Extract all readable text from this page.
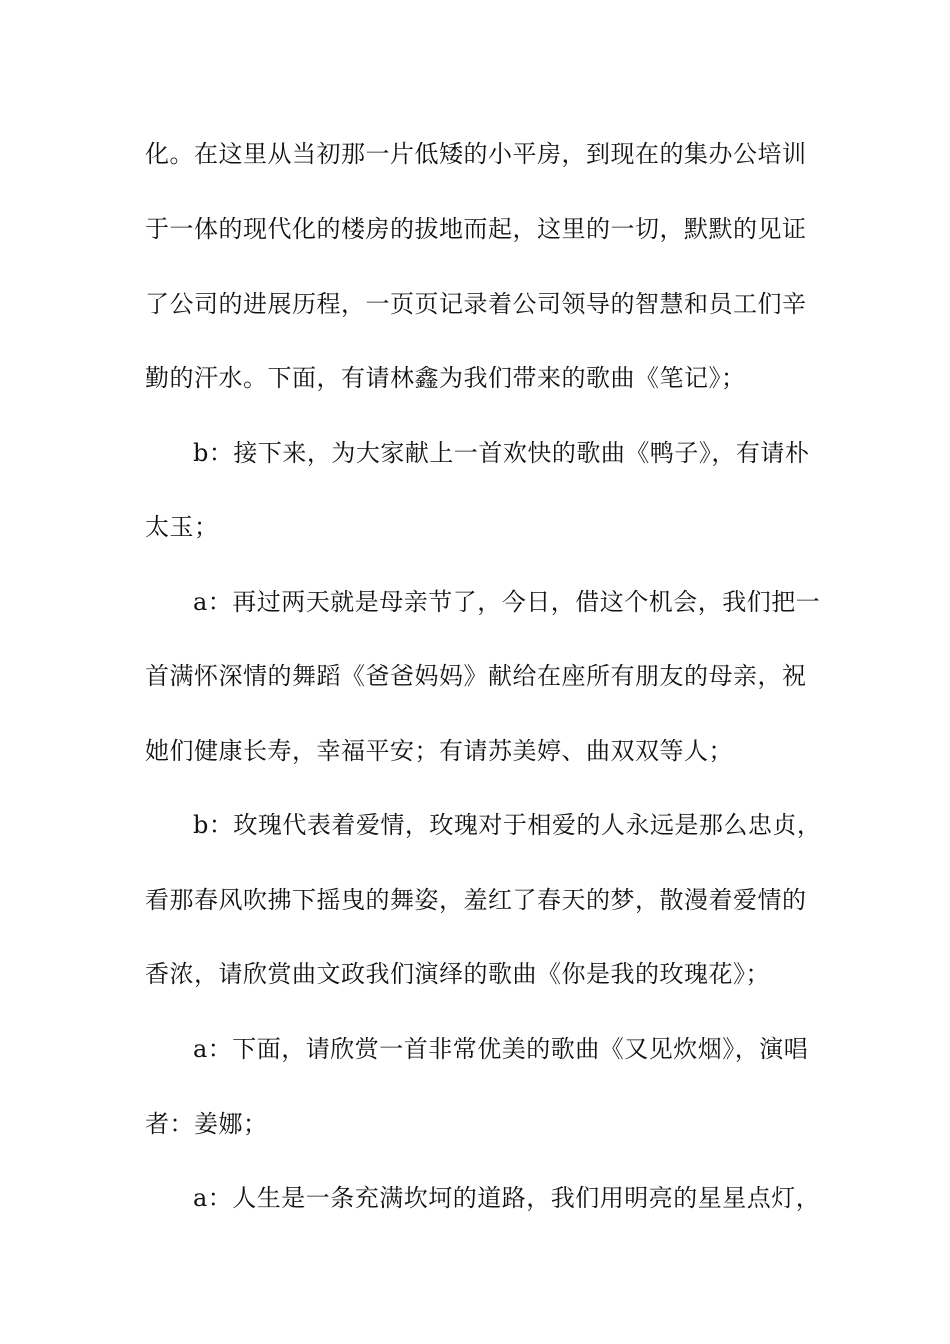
化。在这里从当初那一片低矮的小平房，到现在的集办公培训
于一体的现代化的楼房的拔地而起，这里的一切，默默的见证
了公司的进展历程，一页页记录着公司领导的智慧和员工们辛
勤的汗水。下面，有请林鑫为我们带来的歌曲《笔记》；
b：接下来，为大家献上一首欢快的歌曲《鸭子》，有请朴
太玉；
a：再过两天就是母亲节了，今日，借这个机会，我们把一
首满怀深情的舞蹈《爸爸妈妈》献给在座所有朋友的母亲，祝
她们健康长寿，幸福平安；有请苏美婷、曲双双等人；
b：玫瑰代表着爱情，玫瑰对于相爱的人永远是那么忠贞，
看那春风吹拂下摇曳的舞姿，羞红了春天的梦，散漫着爱情的
香浓，请欣赏曲文政我们演绎的歌曲《你是我的玫瑰花》；
a：下面，请欣赏一首非常优美的歌曲《又见炊烟》，演唱
者：姜娜；
a：人生是一条充满坎坷的道路，我们用明亮的星星点灯，
